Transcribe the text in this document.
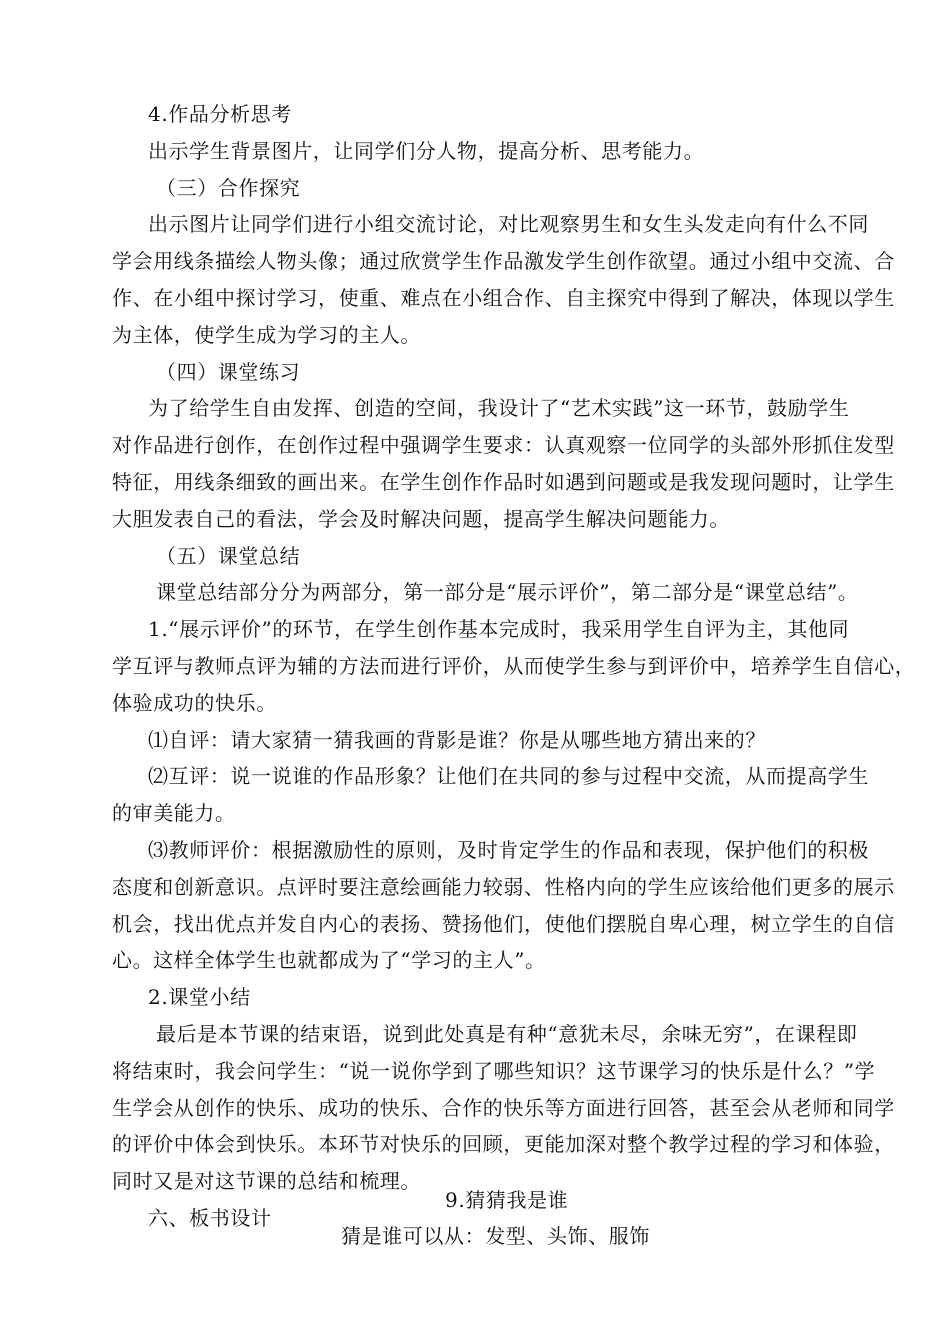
4.作品分析思考
出示学生背景图片，让同学们分人物，提高分析、思考能力。
（三）合作探究
出示图片让同学们进行小组交流讨论，对比观察男生和女生头发走向有什么不同
学会用线条描绘人物头像；通过欣赏学生作品激发学生创作欲望。通过小组中交流、合
作、在小组中探讨学习，使重、难点在小组合作、自主探究中得到了解决，体现以学生
为主体，使学生成为学习的主人。
（四）课堂练习
为了给学生自由发挥、创造的空间，我设计了“艺术实践”这一环节，鼓励学生
对作品进行创作，在创作过程中强调学生要求：认真观察一位同学的头部外形抓住发型
特征，用线条细致的画出来。在学生创作作品时如遇到问题或是我发现问题时，让学生
大胆发表自己的看法，学会及时解决问题，提高学生解决问题能力。
（五）课堂总结
课堂总结部分分为两部分，第一部分是“展示评价”，第二部分是“课堂总结”。
1.“展示评价”的环节，在学生创作基本完成时，我采用学生自评为主，其他同
学互评与教师点评为辅的方法而进行评价，从而使学生参与到评价中，培养学生自信心，
体验成功的快乐。
⑴自评：请大家猜一猜我画的背影是谁？你是从哪些地方猜出来的？
⑵互评：说一说谁的作品形象？让他们在共同的参与过程中交流，从而提高学生
的审美能力。
⑶教师评价：根据激励性的原则，及时肯定学生的作品和表现，保护他们的积极
态度和创新意识。点评时要注意绘画能力较弱、性格内向的学生应该给他们更多的展示
机会，找出优点并发自内心的表扬、赞扬他们，使他们摆脱自卑心理，树立学生的自信
心。这样全体学生也就都成为了“学习的主人”。
2.课堂小结
最后是本节课的结束语，说到此处真是有种“意犹未尽，余味无穷”，在课程即
将结束时，我会问学生：“说一说你学到了哪些知识？这节课学习的快乐是什么？”学
生学会从创作的快乐、成功的快乐、合作的快乐等方面进行回答，甚至会从老师和同学
的评价中体会到快乐。本环节对快乐的回顾，更能加深对整个教学过程的学习和体验，
同时又是对这节课的总结和梳理。
六、板书设计
9.猜猜我是谁
猜是谁可以从：发型、头饰、服饰
